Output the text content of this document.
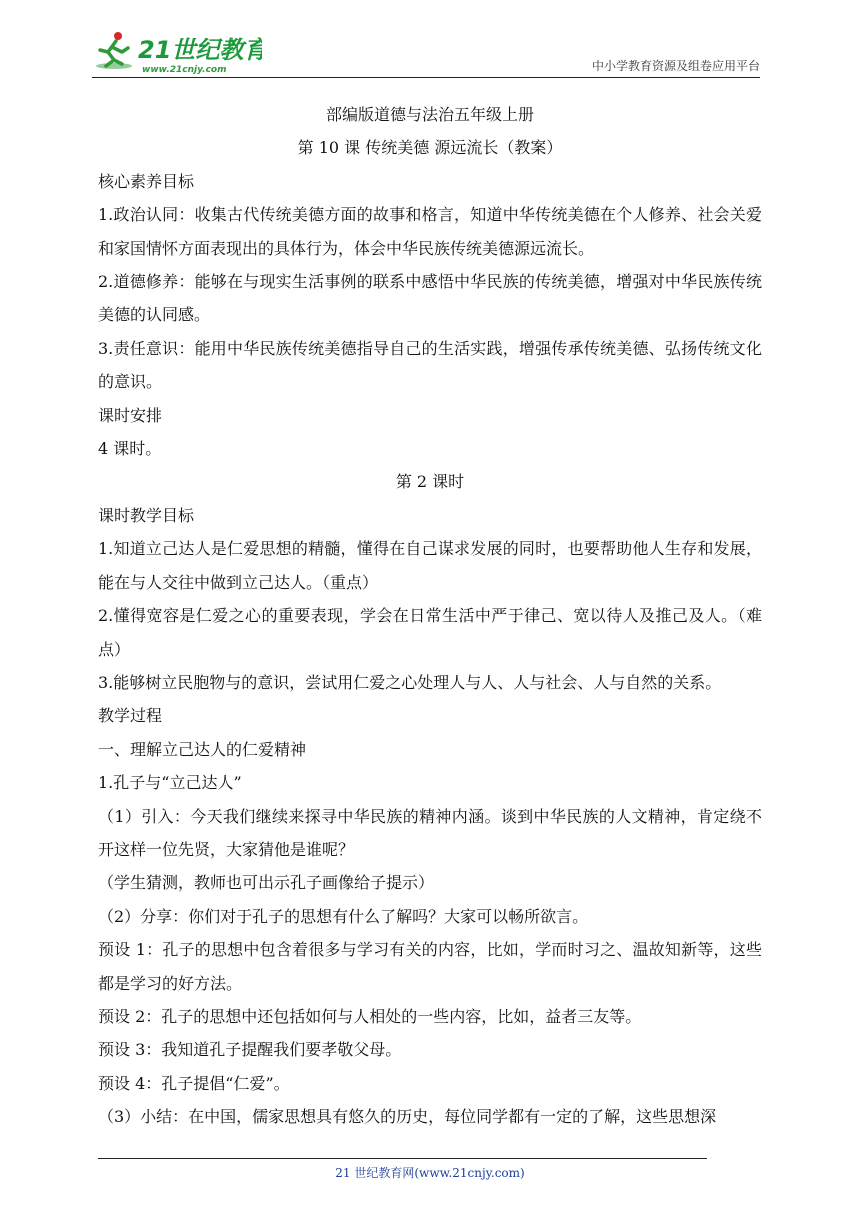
21世纪教育
www.21cnjy.com	中小学教育资源及组卷应用平台
部编版道德与法治五年级上册
第 10 课 传统美德 源远流长（教案）
核心素养目标
1.政治认同：收集古代传统美德方面的故事和格言，知道中华传统美德在个人修养、社会关爱和家国情怀方面表现出的具体行为，体会中华民族传统美德源远流长。
2.道德修养：能够在与现实生活事例的联系中感悟中华民族的传统美德，增强对中华民族传统美德的认同感。
3.责任意识：能用中华民族传统美德指导自己的生活实践，增强传承传统美德、弘扬传统文化的意识。
课时安排
4 课时。
第 2 课时
课时教学目标
1.知道立己达人是仁爱思想的精髓，懂得在自己谋求发展的同时，也要帮助他人生存和发展，能在与人交往中做到立己达人。（重点）
2.懂得宽容是仁爱之心的重要表现，学会在日常生活中严于律己、宽以待人及推己及人。（难点）
3.能够树立民胞物与的意识，尝试用仁爱之心处理人与人、人与社会、人与自然的关系。
教学过程
一、理解立己达人的仁爱精神
1.孔子与“立己达人”
（1）引入：今天我们继续来探寻中华民族的精神内涵。谈到中华民族的人文精神，肯定绕不开这样一位先贤，大家猜他是谁呢？
（学生猜测，教师也可出示孔子画像给子提示）
（2）分享：你们对于孔子的思想有什么了解吗？大家可以畅所欲言。
预设 1：孔子的思想中包含着很多与学习有关的内容，比如，学而时习之、温故知新等，这些都是学习的好方法。
预设 2：孔子的思想中还包括如何与人相处的一些内容，比如，益者三友等。
预设 3：我知道孔子提醒我们要孝敬父母。
预设 4：孔子提倡“仁爱”。
（3）小结：在中国，儒家思想具有悠久的历史，每位同学都有一定的了解，这些思想深
21 世纪教育网(www.21cnjy.com)
